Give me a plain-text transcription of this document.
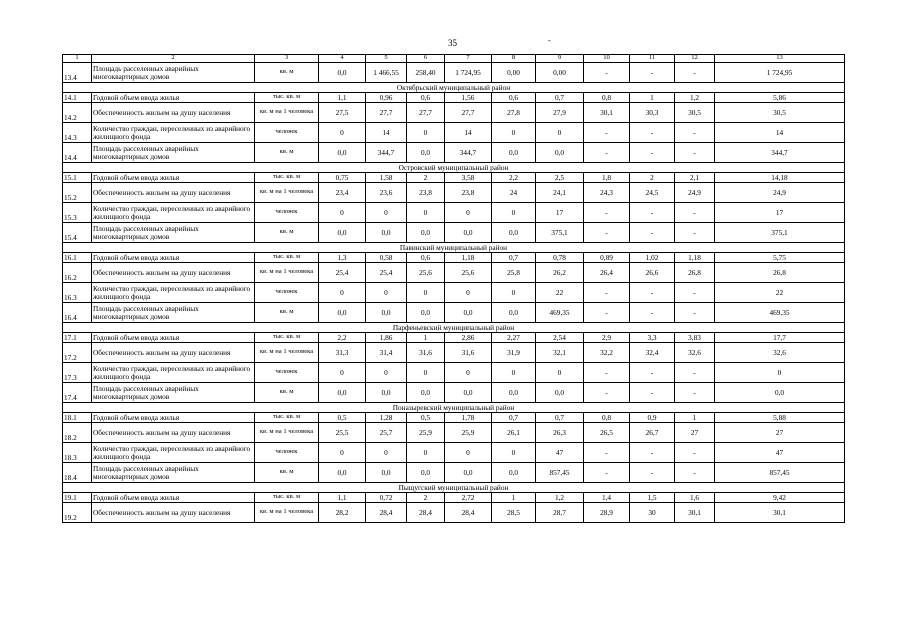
35	-
1	2	3	4	5	6	7	8	9	10	11	12	13
13.4	Площадь расселенных аварийных многоквартирных домов	кв. м	0,0	1 466,55	258,40	1 724,95	0,00	0,00	-	-	-	1 724,95
Октябрьский муниципальный район												
14.1	Годовой объем ввода жилья	тыс. кв. м	1,1	0,96	0,6	1,56	0,6	0,7	0,8	1	1,2	5,86
14.2	Обеспеченность жильем на душу населения	кв. м на 1 человека	27,5	27,7	27,7	27,7	27,8	27,9	30,1	30,3	30,5	30,5
14.3	Количество граждан, переселенных из аварийного жилищного фонда	человек	0	14	0	14	0	0	-	-	-	14
14.4	Площадь расселенных аварийных многоквартирных домов	кв. м	0,0	344,7	0,0	344,7	0,0	0,0	-	-	-	344,7
Островский муниципальный район												
15.1	Годовой объем ввода жилья	тыс. кв. м	0,75	1,58	2	3,58	2,2	2,5	1,8	2	2,1	14,18
15.2	Обеспеченность жильем на душу населения	кв. м на 1 человека	23,4	23,6	23,8	23,8	24	24,1	24,3	24,5	24,9	24,9
15.3	Количество граждан, переселенных из аварийного жилищного фонда	человек	0	0	0	0	0	17	-	-	-	17
15.4	Площадь расселенных аварийных многоквартирных домов	кв. м	0,0	0,0	0,0	0,0	0,0	375,1	-	-	-	375,1
Павинский муниципальный район												
16.1	Годовой объем ввода жилья	тыс. кв. м	1,3	0,58	0,6	1,18	0,7	0,78	0,89	1,02	1,18	5,75
16.2	Обеспеченность жильем на душу населения	кв. м на 1 человека	25,4	25,4	25,6	25,6	25,8	26,2	26,4	26,6	26,8	26,8
16.3	Количество граждан, переселенных из аварийного жилищного фонда	человек	0	0	0	0	0	22	-	-	-	22
16.4	Площадь расселенных аварийных многоквартирных домов	кв. м	0,0	0,0	0,0	0,0	0,0	469,35	-	-	-	469,35
Парфеньевский муниципальный район												
17.1	Годовой объем ввода жилья	тыс. кв. м	2,2	1,86	1	2,86	2,27	2,54	2,9	3,3	3,83	17,7
17.2	Обеспеченность жильем на душу населения	кв. м на 1 человека	31,3	31,4	31,6	31,6	31,9	32,1	32,2	32,4	32,6	32,6
17.3	Количество граждан, переселенных из аварийного жилищного фонда	человек	0	0	0	0	0	0	-	-	-	0
17.4	Площадь расселенных аварийных многоквартирных домов	кв. м	0,0	0,0	0,0	0,0	0,0	0,0	-	-	-	0,0
Поназыревский муниципальный район												
18.1	Годовой объем ввода жилья	тыс. кв. м	0,5	1,28	0,5	1,78	0,7	0,7	0,8	0,9	1	5,88
18.2	Обеспеченность жильем на душу населения	кв. м на 1 человека	25,5	25,7	25,9	25,9	26,1	26,3	26,5	26,7	27	27
18.3	Количество граждан, переселенных из аварийного жилищного фонда	человек	0	0	0	0	0	47	-	-	-	47
18.4	Площадь расселенных аварийных многоквартирных домов	кв. м	0,0	0,0	0,0	0,0	0,0	857,45	-	-	-	857,45
Пыщугский муниципальный район												
19.1	Годовой объем ввода жилья	тыс. кв. м	1,1	0,72	2	2,72	1	1,2	1,4	1,5	1,6	9,42
19.2	Обеспеченность жильем на душу населения	кв. м на 1 человека	28,2	28,4	28,4	28,4	28,5	28,7	28,9	30	30,1	30,1
